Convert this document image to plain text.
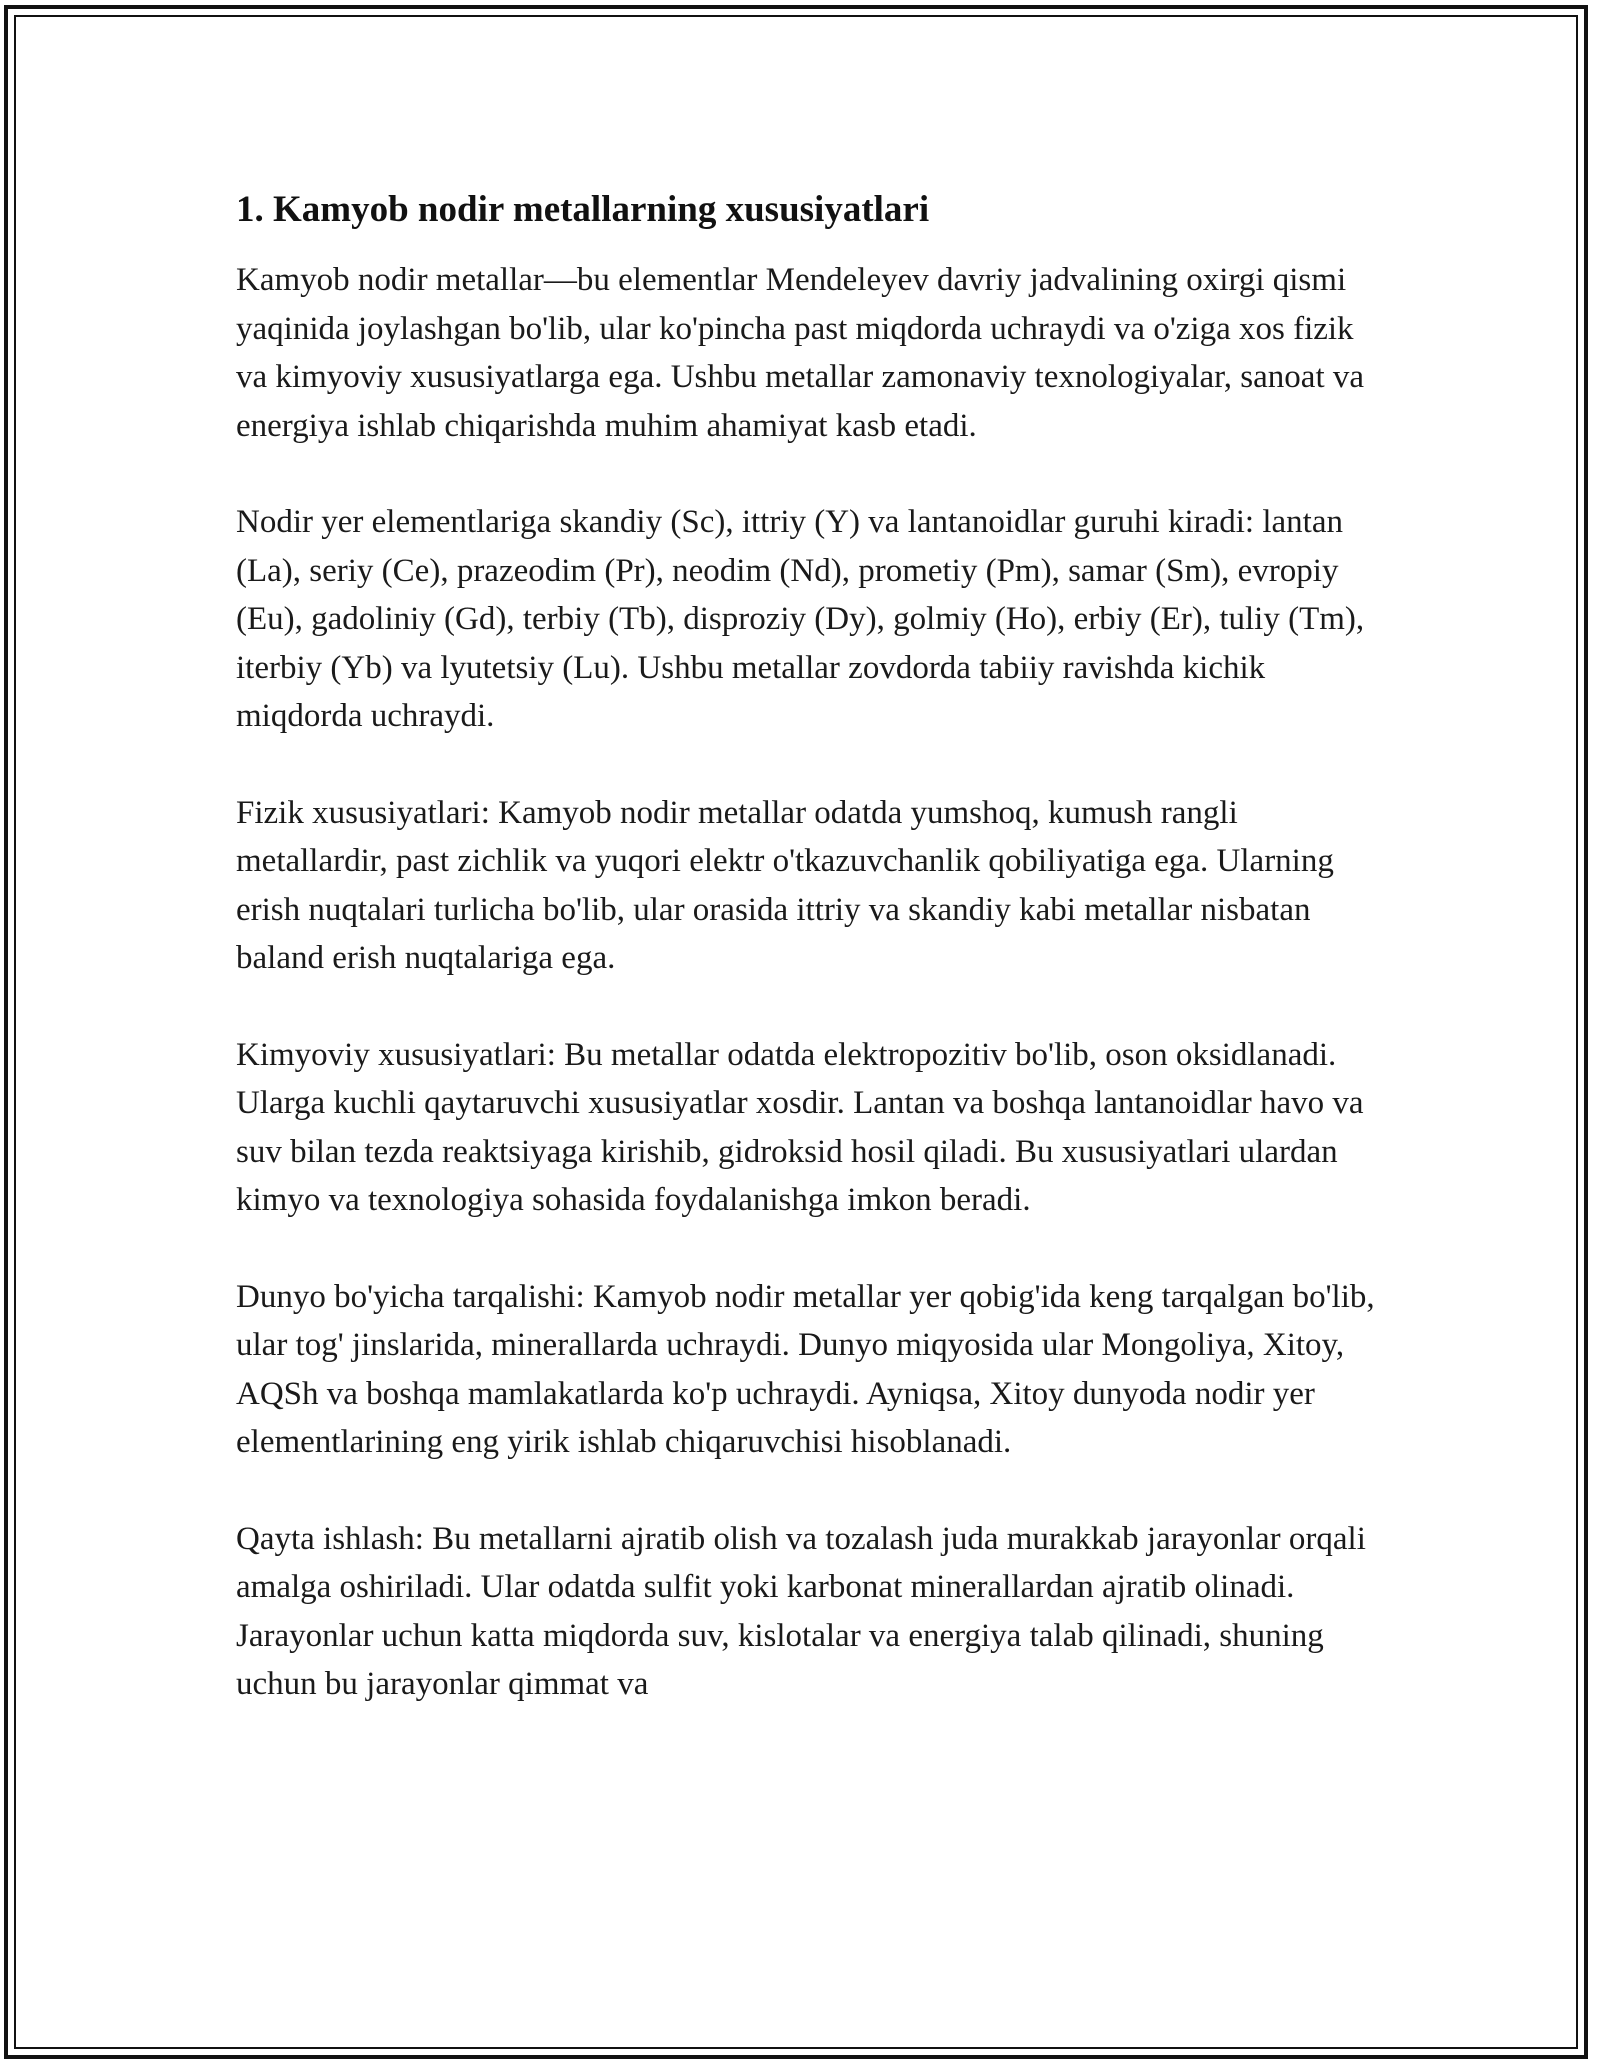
1. Kamyob nodir metallarning xususiyatlari

Kamyob nodir metallar—bu elementlar Mendeleyev davriy jadvalining oxirgi qismi yaqinida joylashgan bo'lib, ular ko'pincha past miqdorda uchraydi va o'ziga xos fizik va kimyoviy xususiyatlarga ega. Ushbu metallar zamonaviy texnologiyalar, sanoat va energiya ishlab chiqarishda muhim ahamiyat kasb etadi.

Nodir yer elementlariga skandiy (Sc), ittriy (Y) va lantanoidlar guruhi kiradi: lantan (La), seriy (Ce), prazeodim (Pr), neodim (Nd), prometiy (Pm), samar (Sm), evropiy (Eu), gadoliniy (Gd), terbiy (Tb), disproziy (Dy), golmiy (Ho), erbiy (Er), tuliy (Tm), iterbiy (Yb) va lyutetsiy (Lu). Ushbu metallar zovdorda tabiiy ravishda kichik miqdorda uchraydi.

Fizik xususiyatlari: Kamyob nodir metallar odatda yumshoq, kumush rangli metallardir, past zichlik va yuqori elektr o'tkazuvchanlik qobiliyatiga ega. Ularning erish nuqtalari turlicha bo'lib, ular orasida ittriy va skandiy kabi metallar nisbatan baland erish nuqtalariga ega.

Kimyoviy xususiyatlari: Bu metallar odatda elektropozitiv bo'lib, oson oksidlanadi. Ularga kuchli qaytaruvchi xususiyatlar xosdir. Lantan va boshqa lantanoidlar havo va suv bilan tezda reaktsiyaga kirishib, gidroksid hosil qiladi. Bu xususiyatlari ulardan kimyo va texnologiya sohasida foydalanishga imkon beradi.

Dunyo bo'yicha tarqalishi: Kamyob nodir metallar yer qobig'ida keng tarqalgan bo'lib, ular tog' jinslarida, minerallarda uchraydi. Dunyo miqyosida ular Mongoliya, Xitoy, AQSh va boshqa mamlakatlarda ko'p uchraydi. Ayniqsa, Xitoy dunyoda nodir yer elementlarining eng yirik ishlab chiqaruvchisi hisoblanadi.

Qayta ishlash: Bu metallarni ajratib olish va tozalash juda murakkab jarayonlar orqali amalga oshiriladi. Ular odatda sulfit yoki karbonat minerallardan ajratib olinadi. Jarayonlar uchun katta miqdorda suv, kislotalar va energiya talab qilinadi, shuning uchun bu jarayonlar qimmat va
